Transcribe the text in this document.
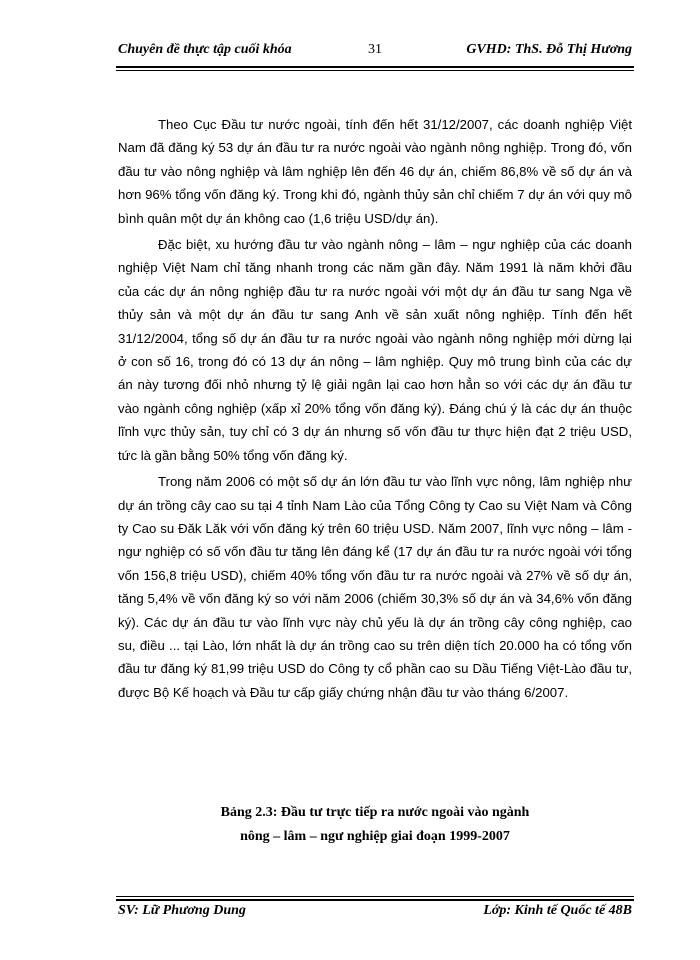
Chuyên đề thực tập cuối khóa	31	GVHD: ThS. Đỗ Thị Hương

Theo Cục Đầu tư nước ngoài, tính đến hết 31/12/2007, các doanh nghiệp Việt Nam đã đăng ký 53 dự án đầu tư ra nước ngoài vào ngành nông nghiệp. Trong đó, vốn đầu tư vào nông nghiệp và lâm nghiệp lên đến 46 dự án, chiếm 86,8% về số dự án và hơn 96% tổng vốn đăng ký. Trong khi đó, ngành thủy sản chỉ chiếm 7 dự án với quy mô bình quân một dự án không cao (1,6 triệu USD/dự án).

Đặc biệt, xu hướng đầu tư vào ngành nông – lâm – ngư nghiệp của các doanh nghiệp Việt Nam chỉ tăng nhanh trong các năm gần đây. Năm 1991 là năm khởi đầu của các dự án nông nghiệp đầu tư ra nước ngoài với một dự án đầu tư sang Nga về thủy sản và một dự án đầu tư sang Anh về sản xuất nông nghiệp. Tính đến hết 31/12/2004, tổng số dự án đầu tư ra nước ngoài vào ngành nông nghiệp mới dừng lại ở con số 16, trong đó có 13 dự án nông – lâm nghiệp. Quy mô trung bình của các dự án này tương đối nhỏ nhưng tỷ lệ giải ngân lại cao hơn hẳn so với các dự án đầu tư vào ngành công nghiệp (xấp xỉ 20% tổng vốn đăng ký). Đáng chú ý là các dự án thuộc lĩnh vực thủy sản, tuy chỉ có 3 dự án nhưng số vốn đầu tư thực hiện đạt 2 triệu USD, tức là gần bằng 50% tổng vốn đăng ký.

Trong năm 2006 có một số dự án lớn đầu tư vào lĩnh vực nông, lâm nghiệp như dự án trồng cây cao su tại 4 tỉnh Nam Lào của Tổng Công ty Cao su Việt Nam và Công ty Cao su Đăk Lăk với vốn đăng ký trên 60 triệu USD. Năm 2007, lĩnh vực nông – lâm - ngư nghiệp có số vốn đầu tư tăng lên đáng kể (17 dự án đầu tư ra nước ngoài với tổng vốn 156,8 triệu USD), chiếm 40% tổng vốn đầu tư ra nước ngoài và 27% về số dự án, tăng 5,4% về vốn đăng ký so với năm 2006 (chiếm 30,3% số dự án và 34,6% vốn đăng ký). Các dự án đầu tư vào lĩnh vực này chủ yếu là dự án trồng cây công nghiệp, cao su, điều ... tại Lào, lớn nhất là dự án trồng cao su trên diện tích 20.000 ha có tổng vốn đầu tư đăng ký 81,99 triệu USD do Công ty cổ phần cao su Dầu Tiếng Việt-Lào đầu tư, được Bộ Kế hoạch và Đầu tư cấp giấy chứng nhận đầu tư vào tháng 6/2007.

Bảng 2.3: Đầu tư trực tiếp ra nước ngoài vào ngành
nông – lâm – ngư nghiệp giai đoạn 1999-2007
SV: Lữ Phương Dung	Lớp: Kinh tế Quốc tế 48B
